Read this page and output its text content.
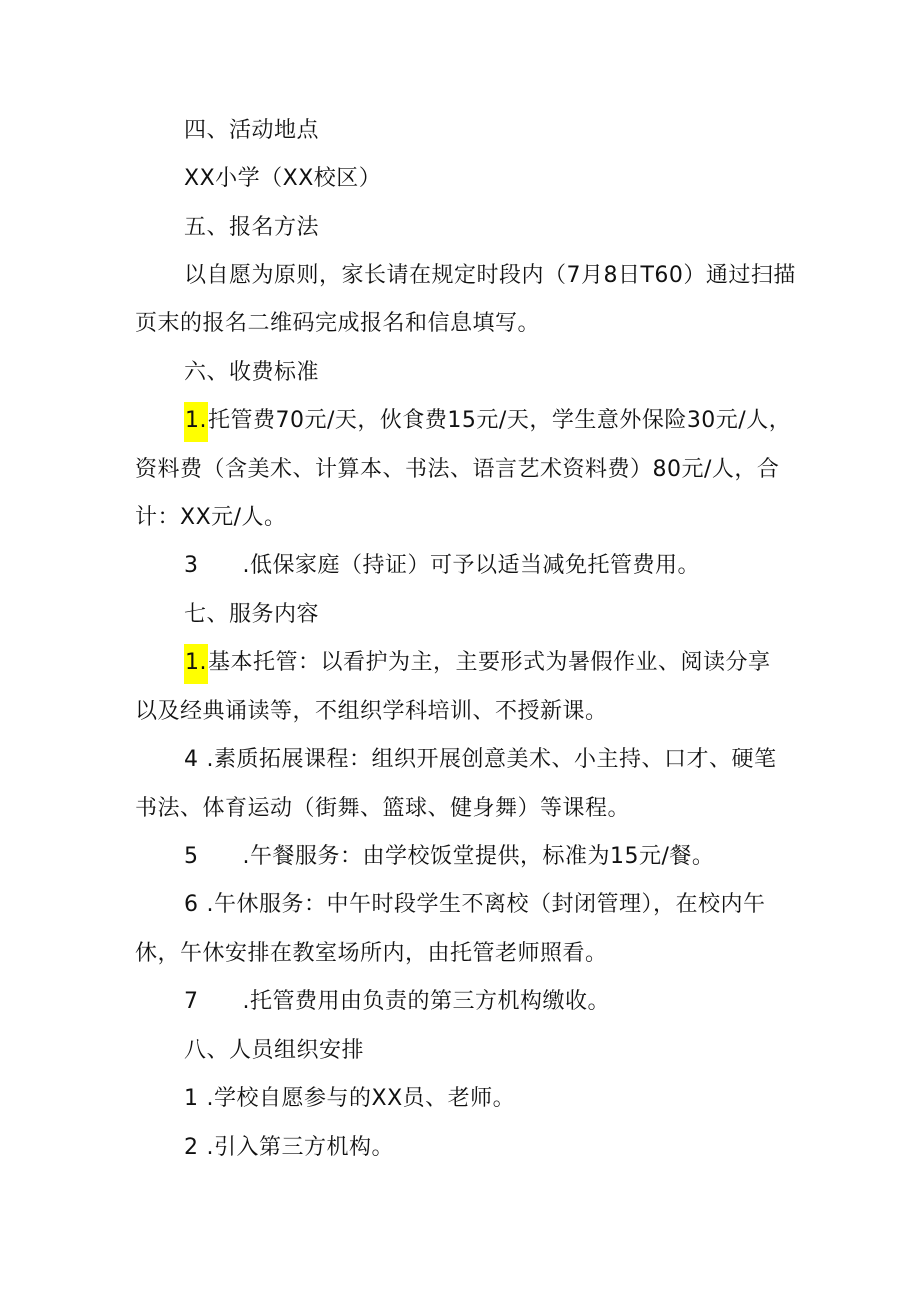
四、活动地点
XX小学（XX校区）
五、报名方法
以自愿为原则，家长请在规定时段内（7月8日T60）通过扫描
页末的报名二维码完成报名和信息填写。
六、收费标准
1.托管费70元/天，伙食费15元/天，学生意外保险30元/人，
资料费（含美术、计算本、书法、语言艺术资料费）80元/人，合
计：XX元/人。
3 .低保家庭（持证）可予以适当减免托管费用。
七、服务内容
1.基本托管：以看护为主，主要形式为暑假作业、阅读分享
以及经典诵读等，不组织学科培训、不授新课。
4 .素质拓展课程：组织开展创意美术、小主持、口才、硬笔
书法、体育运动（街舞、篮球、健身舞）等课程。
5 .午餐服务：由学校饭堂提供，标准为15元/餐。
6 .午休服务：中午时段学生不离校（封闭管理），在校内午
休，午休安排在教室场所内，由托管老师照看。
7 .托管费用由负责的第三方机构缴收。
八、人员组织安排
1 .学校自愿参与的XX员、老师。
2 .引入第三方机构。
